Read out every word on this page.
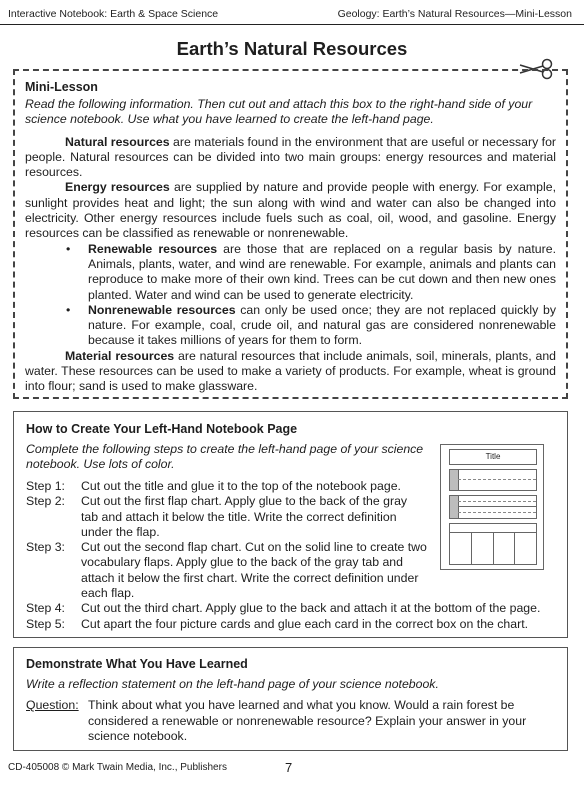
Interactive Notebook: Earth & Space Science	Geology: Earth’s Natural Resources—Mini-Lesson
Earth’s Natural Resources
Mini-Lesson

Read the following information. Then cut out and attach this box to the right-hand side of your science notebook. Use what you have learned to create the left-hand page.

Natural resources are materials found in the environment that are useful or necessary for people. Natural resources can be divided into two main groups: energy resources and material resources.

Energy resources are supplied by nature and provide people with energy. For example, sunlight provides heat and light; the sun along with wind and water can also be changed into electricity. Other energy resources include fuels such as coal, oil, wood, and gasoline. Energy resources can be classified as renewable or nonrenewable.

• Renewable resources are those that are replaced on a regular basis by nature. Animals, plants, water, and wind are renewable. For example, animals and plants can reproduce to make more of their own kind. Trees can be cut down and then new ones planted. Water and wind can be used to generate electricity.

• Nonrenewable resources can only be used once; they are not replaced quickly by nature. For example, coal, crude oil, and natural gas are considered nonrenewable because it takes millions of years for them to form.

Material resources are natural resources that include animals, soil, minerals, plants, and water. These resources can be used to make a variety of products. For example, wheat is ground into flour; sand is used to make glassware.

How to Create Your Left-Hand Notebook Page

Complete the following steps to create the left-hand page of your science notebook. Use lots of color.

Title
Step 1:	Cut out the title and glue it to the top of the notebook page.
Step 2:	Cut out the first flap chart. Apply glue to the back of the gray tab and attach it below the title. Write the correct definition under the flap.
Step 3:	Cut out the second flap chart. Cut on the solid line to create two vocabulary flaps. Apply glue to the back of the gray tab and attach it below the first chart. Write the correct definition under each flap.
Step 4:	Cut out the third chart. Apply glue to the back and attach it at the bottom of the page.
Step 5:	Cut apart the four picture cards and glue each card in the correct box on the chart.
Demonstrate What You Have Learned

Write a reflection statement on the left-hand page of your science notebook.

Question: Think about what you have learned and what you know. Would a rain forest be considered a renewable or nonrenewable resource? Explain your answer in your science notebook.
CD-405008 © Mark Twain Media, Inc., Publishers	7
